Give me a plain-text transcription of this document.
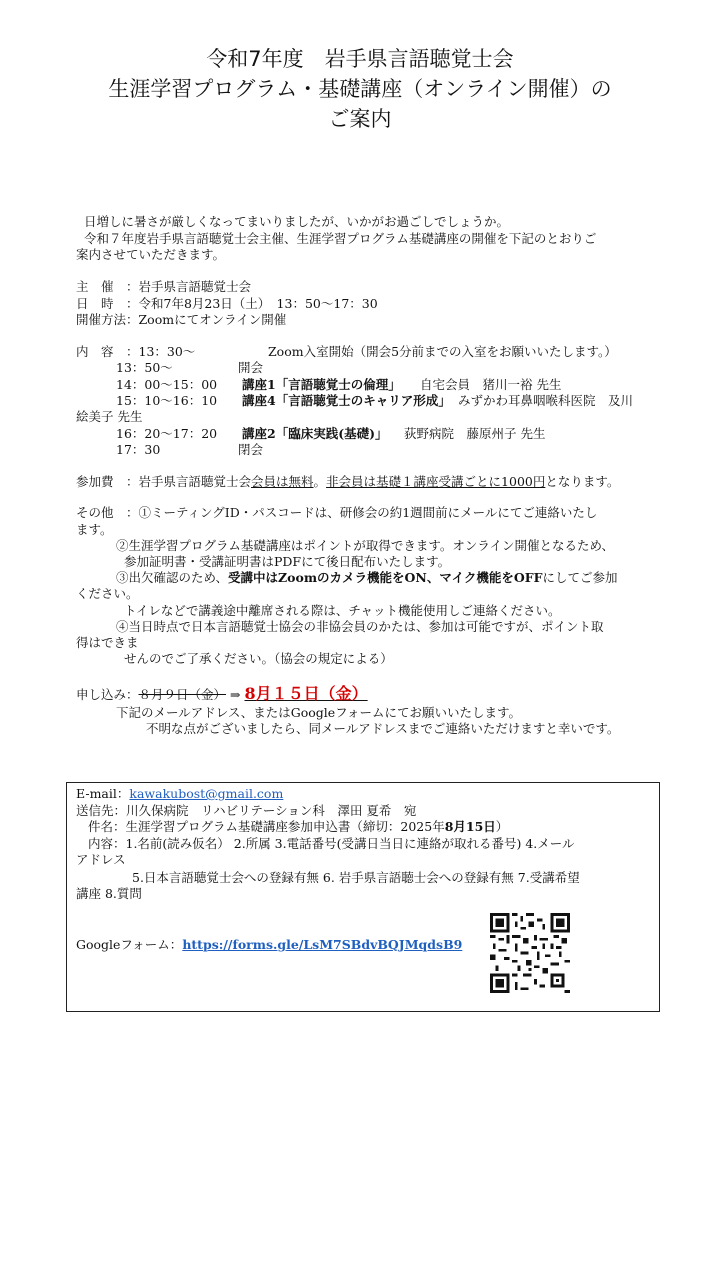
令和7年度　岩手県言語聴覚士会
生涯学習プログラム・基礎講座（オンライン開催）の
ご案内
日増しに暑さが厳しくなってまいりましたが、いかがお過ごしでしょうか。
令和７年度岩手県言語聴覚士会主催、生涯学習プログラム基礎講座の開催を下記のとおりご
案内させていただきます。
主　催　：岩手県言語聴覚士会
日　時　：令和7年8月23日（土）　13：50～17：30
開催方法：Zoomにてオンライン開催
内　容　：13：30～	Zoom入室開始（開会5分前までの入室をお願いいたします。）
13：50～	開会
14：00～15：00 講座1「言語聴覚士の倫理」 自宅会員　猪川一裕 先生
15：10～16：10 講座4「言語聴覚士のキャリア形成」 みずかわ耳鼻咽喉科医院　及川
絵美子 先生
16：20～17：20 講座2「臨床実践(基礎)」 荻野病院　藤原州子 先生
17：30	閉会
参加費　：岩手県言語聴覚士会会員は無料。非会員は基礎１講座受講ごとに1000円となります。
その他　：①ミーティングID・パスコードは、研修会の約1週間前にメールにてご連絡いたし
ます。
②生涯学習プログラム基礎講座はポイントが取得できます。オンライン開催となるため、
参加証明書・受講証明書はPDFにて後日配布いたします。
③出欠確認のため、受講中はZoomのカメラ機能をON、マイク機能をOFFにしてご参加
ください。
トイレなどで講義途中離席される際は、チャット機能使用しご連絡ください。
④当日時点で日本言語聴覚士協会の非協会員のかたは、参加は可能ですが、ポイント取
得はできま
せんのでご了承ください。（協会の規定による）
申し込み：８月９日（金） ⇒ 8月１５日（金）
下記のメールアドレス、またはGoogleフォームにてお願いいたします。
不明な点がございましたら、同メールアドレスまでご連絡いただけますと幸いです。
E-mail：kawakubost@gmail.com
送信先：川久保病院　リハビリテーション科　澤田 夏希　宛
件名：生涯学習プログラム基礎講座参加申込書（締切：2025年8月15日）
内容：1.名前(読み仮名） 2.所属 3.電話番号(受講日当日に連絡が取れる番号) 4.メール
アドレス
5.日本言語聴覚士会への登録有無 6. 岩手県言語聴士会への登録有無 7.受講希望
講座 8.質問
Googleフォーム：https://forms.gle/LsM7SBdvBQJMqdsB9
